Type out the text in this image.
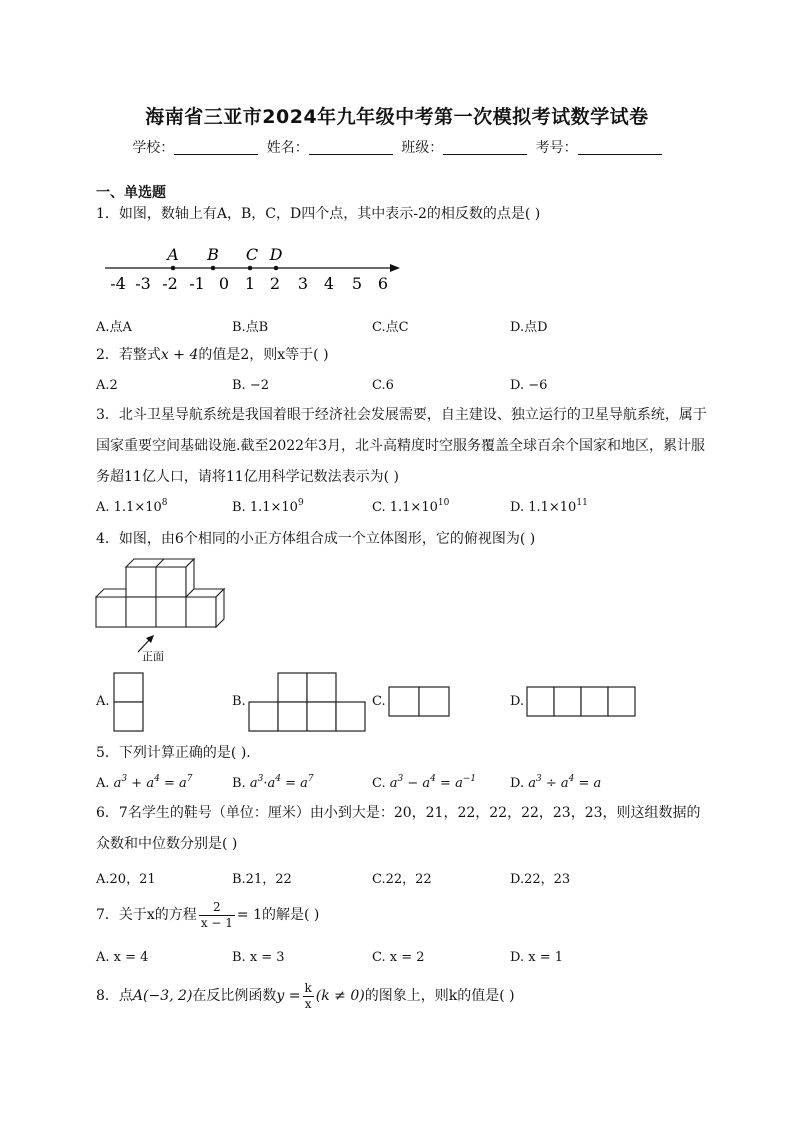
海南省三亚市2024年九年级中考第一次模拟考试数学试卷
学校：	姓名：	班级：	考号：
一、单选题
1．如图，数轴上有A，B，C，D四个点，其中表示-2的相反数的点是( )
-4 -3 -2 -1 0 1 2 3 4 5 6
A B C D
A.点A	B.点B	C.点C	D.点D
2．若整式x + 4的值是2，则x等于( )
A.2	B. −2	C.6	D. −6
3．北斗卫星导航系统是我国着眼于经济社会发展需要，自主建设、独立运行的卫星导航系统，属于国家重要空间基础设施.截至2022年3月，北斗高精度时空服务覆盖全球百余个国家和地区，累计服务超11亿人口，请将11亿用科学记数法表示为( )
A. $1.1\times 10^8$	B. $1.1\times 10^9$	C. $1.1\times 10^{10}$	D. $1.1\times 10^{11}$
4．如图，由6个相同的小正方体组合成一个立体图形，它的俯视图为( )
正面
A.	B.	C.	D.
5．下列计算正确的是( ).
A. $a^3 + a^4 = a^7$	B. $a^3\cdot a^4 = a^7$	C. $a^3 - a^4 = a^{-1}$	D. $a^3 \div a^4 = a$
6．7名学生的鞋号（单位：厘米）由小到大是：20，21，22，22，22，23，23，则这组数据的众数和中位数分别是( )
A.20，21	B.21，22	C.22，22	D.22，23
7．关于x的方程 $\frac{2}{x - 1} = 1$的解是( )
A. x = 4	B. x = 3	C. x = 2	D. x = 1
8．点A(−3, 2)在反比例函数$y = \frac{k}{x} (k \ne 0)$的图象上，则k的值是( )
